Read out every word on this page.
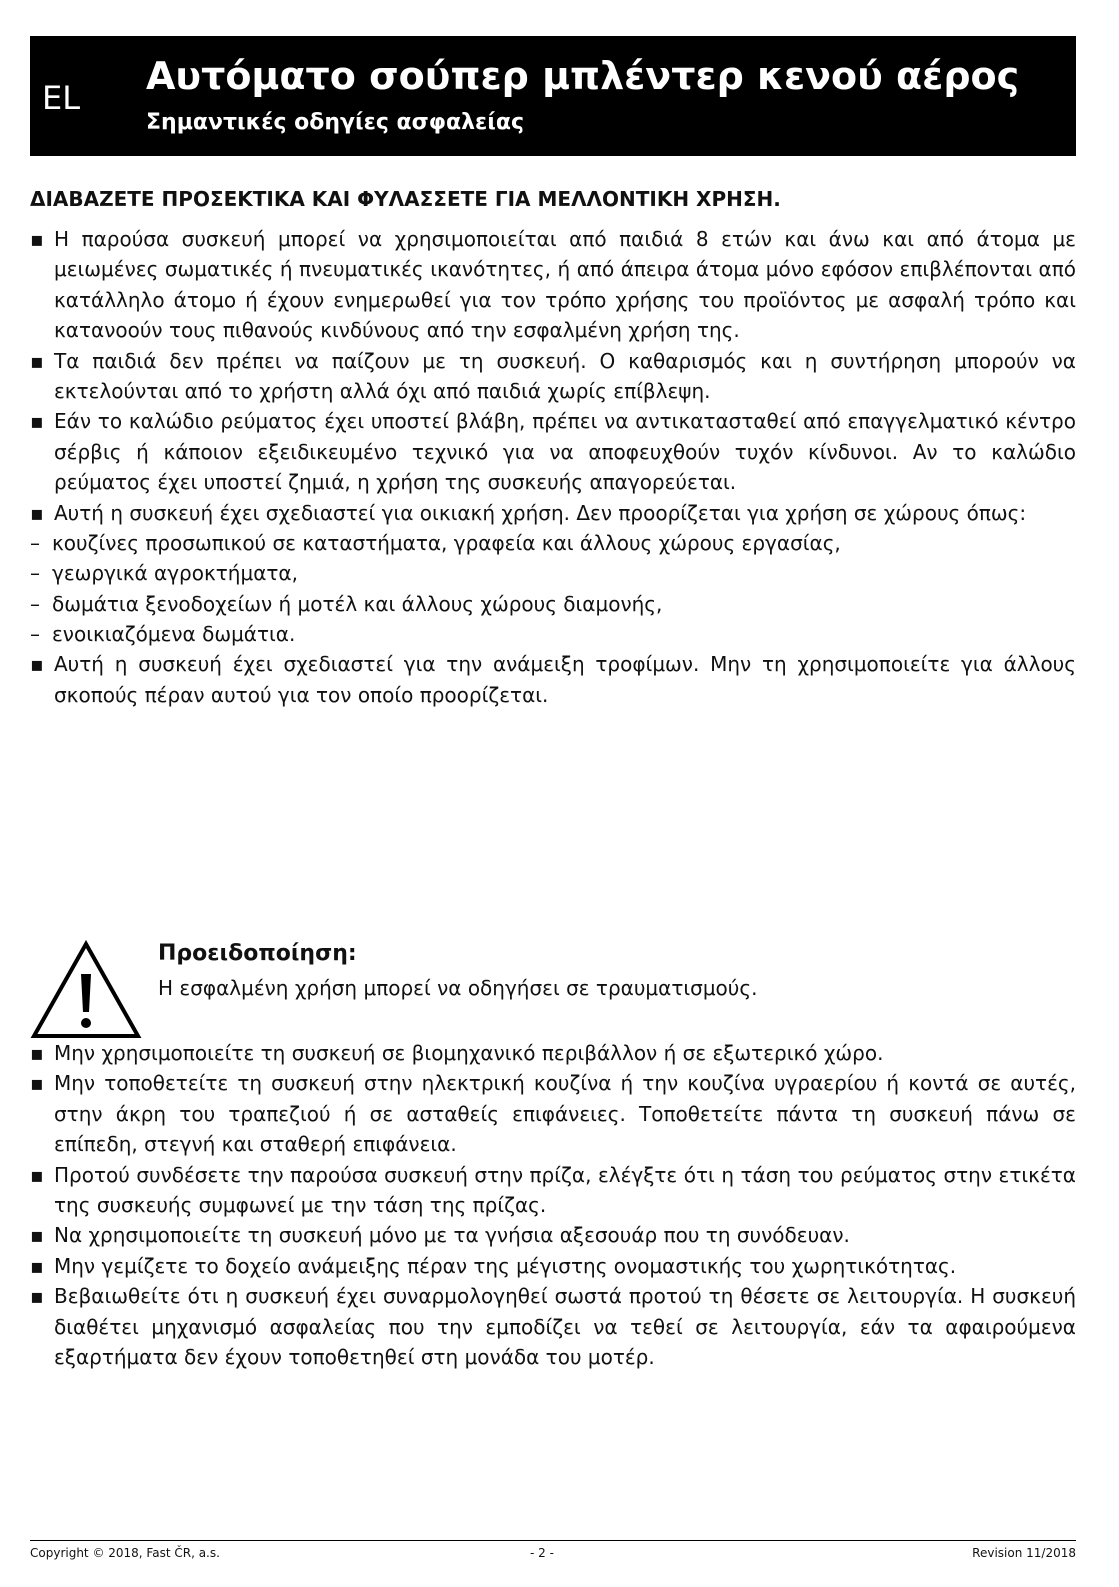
EL Αυτόματο σούπερ μπλέντερ κενού αέρος
Σημαντικές οδηγίες ασφαλείας
ΔΙΑΒΑΖΕΤΕ ΠΡΟΣΕΚΤΙΚΑ ΚΑΙ ΦΥΛΑΣΣΕΤΕ ΓΙΑ ΜΕΛΛΟΝΤΙΚΗ ΧΡΗΣΗ.
▪ Η παρούσα συσκευή μπορεί να χρησιμοποιείται από παιδιά 8 ετών και άνω και από άτομα με μειωμένες σωματικές ή πνευματικές ικανότητες, ή από άπειρα άτομα μόνο εφόσον επιβλέπονται από κατάλληλο άτομο ή έχουν ενημερωθεί για τον τρόπο χρήσης του προϊόντος με ασφαλή τρόπο και κατανοούν τους πιθανούς κινδύνους από την εσφαλμένη χρήση της.
▪ Τα παιδιά δεν πρέπει να παίζουν με τη συσκευή. Ο καθαρισμός και η συντήρηση μπορούν να εκτελούνται από το χρήστη αλλά όχι από παιδιά χωρίς επίβλεψη.
▪ Εάν το καλώδιο ρεύματος έχει υποστεί βλάβη, πρέπει να αντικατασταθεί από επαγγελματικό κέντρο σέρβις ή κάποιον εξειδικευμένο τεχνικό για να αποφευχθούν τυχόν κίνδυνοι. Αν το καλώδιο ρεύματος έχει υποστεί ζημιά, η χρήση της συσκευής απαγορεύεται.
▪ Αυτή η συσκευή έχει σχεδιαστεί για οικιακή χρήση. Δεν προορίζεται για χρήση σε χώρους όπως:
– κουζίνες προσωπικού σε καταστήματα, γραφεία και άλλους χώρους εργασίας,
– γεωργικά αγροκτήματα,
– δωμάτια ξενοδοχείων ή μοτέλ και άλλους χώρους διαμονής,
– ενοικιαζόμενα δωμάτια.
▪ Αυτή η συσκευή έχει σχεδιαστεί για την ανάμειξη τροφίμων. Μην τη χρησιμοποιείτε για άλλους σκοπούς πέραν αυτού για τον οποίο προορίζεται.
Προειδοποίηση:
Η εσφαλμένη χρήση μπορεί να οδηγήσει σε τραυματισμούς.
▪ Μην χρησιμοποιείτε τη συσκευή σε βιομηχανικό περιβάλλον ή σε εξωτερικό χώρο.
▪ Μην τοποθετείτε τη συσκευή στην ηλεκτρική κουζίνα ή την κουζίνα υγραερίου ή κοντά σε αυτές, στην άκρη του τραπεζιού ή σε ασταθείς επιφάνειες. Τοποθετείτε πάντα τη συσκευή πάνω σε επίπεδη, στεγνή και σταθερή επιφάνεια.
▪ Προτού συνδέσετε την παρούσα συσκευή στην πρίζα, ελέγξτε ότι η τάση του ρεύματος στην ετικέτα της συσκευής συμφωνεί με την τάση της πρίζας.
▪ Να χρησιμοποιείτε τη συσκευή μόνο με τα γνήσια αξεσουάρ που τη συνόδευαν.
▪ Μην γεμίζετε το δοχείο ανάμειξης πέραν της μέγιστης ονομαστικής του χωρητικότητας.
▪ Βεβαιωθείτε ότι η συσκευή έχει συναρμολογηθεί σωστά προτού τη θέσετε σε λειτουργία. Η συσκευή διαθέτει μηχανισμό ασφαλείας που την εμποδίζει να τεθεί σε λειτουργία, εάν τα αφαιρούμενα εξαρτήματα δεν έχουν τοποθετηθεί στη μονάδα του μοτέρ.
Copyright © 2018, Fast ČR, a.s.	- 2 -	Revision 11/2018
